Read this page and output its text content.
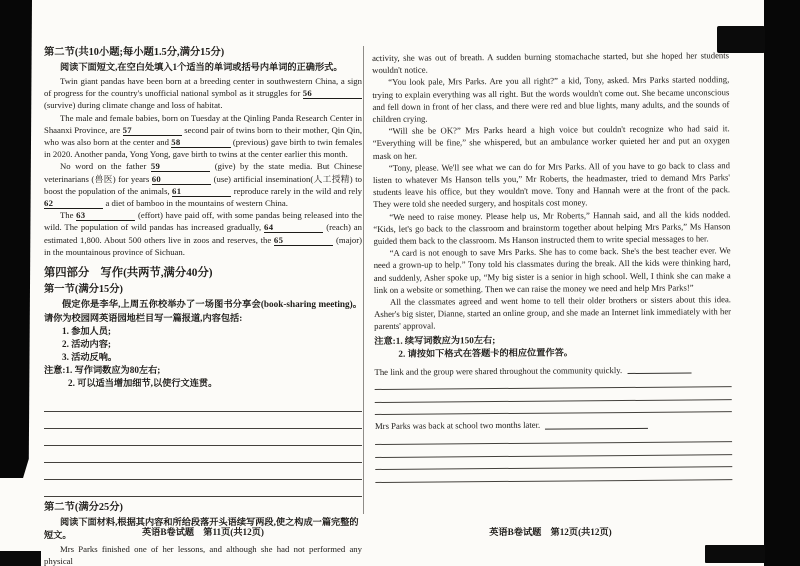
第二节(共10小题;每小题1.5分,满分15分)

阅读下面短文,在空白处填入1个适当的单词或括号内单词的正确形式。

Twin giant pandas have been born at a breeding center in southwestern China, a sign of progress for the country's unofficial national symbol as it struggles for 56 (survive) during climate change and loss of habitat.

The male and female babies, born on Tuesday at the Qinling Panda Research Center in Shaanxi Province, are 57	second pair of twins born to their mother, Qin Qin, who was also born at the center and 58	(previous) gave birth to twin females in 2020. Another panda, Yong Yong, gave birth to twins at the center earlier this month.

No word on the father 59	(give) by the state media. But Chinese veterinarians (兽医) for years 60	(use) artificial insemination(人工授精) to boost the population of the animals, 61	reproduce rarely in the wild and rely 62	a diet of bamboo in the mountains of western China.

The 63	(effort) have paid off, with some pandas being released into the wild. The population of wild pandas has increased gradually, 64	(reach) an estimated 1,800. About 500 others live in zoos and reserves, the 65	(major) in the mountainous province of Sichuan.

第四部分　写作(共两节,满分40分)

第一节(满分15分)

假定你是李华,上周五你校举办了一场图书分享会(book-sharing meeting)。请你为校园网英语园地栏目写一篇报道,内容包括:

1. 参加人员;
2. 活动内容;
3. 活动反响。
注意:1. 写作词数应为80左右;
2. 可以适当增加细节,以使行文连贯。

第二节(满分25分)

阅读下面材料,根据其内容和所给段落开头语续写两段,使之构成一篇完整的短文。

Mrs Parks finished one of her lessons, and although she had not performed any physical

英语B卷试题　第11页(共12页)

activity, she was out of breath. A sudden burning stomachache started, but she hoped her students wouldn't notice.

“You look pale, Mrs Parks. Are you all right?” a kid, Tony, asked. Mrs Parks started nodding, trying to explain everything was all right. But the words wouldn't come out. She became unconscious and fell down in front of her class, and there were red and blue lights, many adults, and the sounds of children crying.

“Will she be OK?” Mrs Parks heard a high voice but couldn't recognize who had said it. “Everything will be fine,” she whispered, but an ambulance worker quieted her and put an oxygen mask on her.

“Tony, please. We'll see what we can do for Mrs Parks. All of you have to go back to class and listen to whatever Ms Hanson tells you,” Mr Roberts, the headmaster, tried to demand Mrs Parks' students leave his office, but they wouldn't move. Tony and Hannah were at the front of the pack. They were told she needed surgery, and hospitals cost money.

“We need to raise money. Please help us, Mr Roberts,” Hannah said, and all the kids nodded. “Kids, let's go back to the classroom and brainstorm together about helping Mrs Parks,” Ms Hanson guided them back to the classroom. Ms Hanson instructed them to write special messages to her.

“A card is not enough to save Mrs Parks. She has to come back. She's the best teacher ever. We need a grown-up to help.” Tony told his classmates during the break. All the kids were thinking hard, and suddenly, Asher spoke up, “My big sister is a senior in high school. Well, I think she can make a link on a website or something. Then we can raise the money we need and help Mrs Parks!”

All the classmates agreed and went home to tell their older brothers or sisters about this idea. Asher's big sister, Dianne, started an online group, and she made an Internet link immediately with her parents' approval.

注意:1. 续写词数应为150左右;
2. 请按如下格式在答题卡的相应位置作答。
The link and the group were shared throughout the community quickly.
Mrs Parks was back at school two months later.
英语B卷试题　第12页(共12页)
